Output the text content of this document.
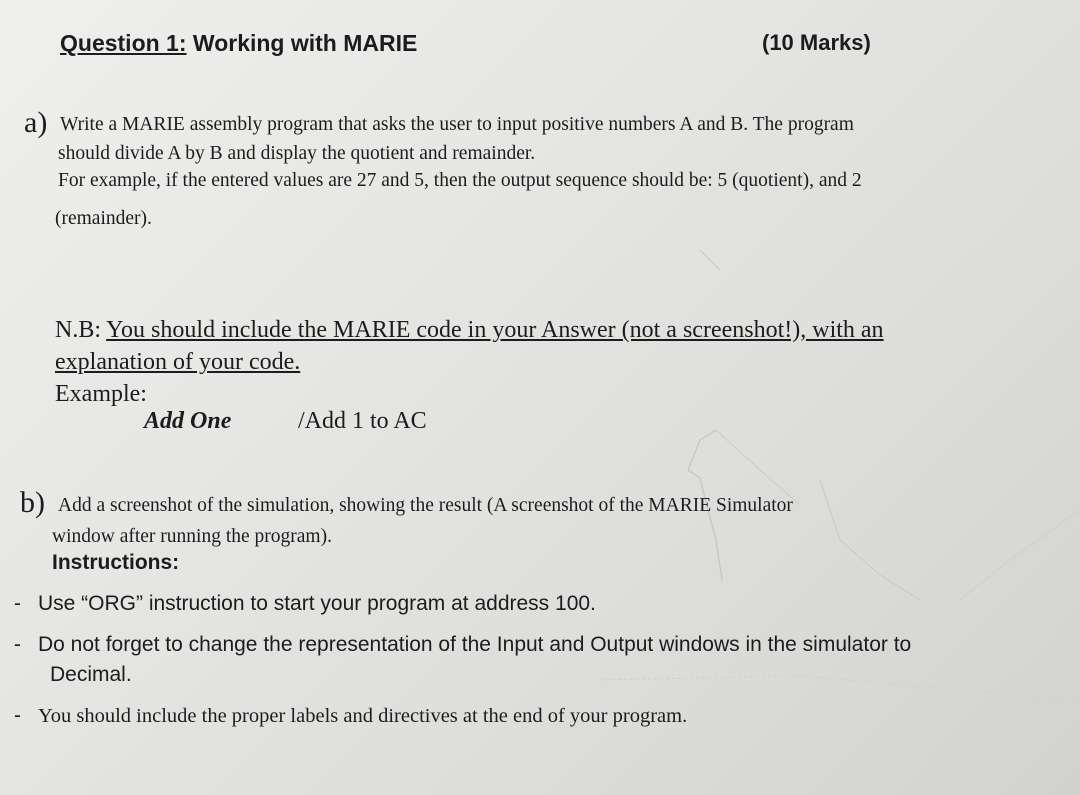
Question 1: Working with MARIE	(10 Marks)
a) Write a MARIE assembly program that asks the user to input positive numbers A and B. The program
should divide A by B and display the quotient and remainder.
For example, if the entered values are 27 and 5, then the output sequence should be: 5 (quotient), and 2
(remainder).
N.B: You should include the MARIE code in your Answer (not a screenshot!), with an
explanation of your code.
Example:
Add One	/Add 1 to AC
b) Add a screenshot of the simulation, showing the result (A screenshot of the MARIE Simulator
window after running the program).
Instructions:
- Use “ORG” instruction to start your program at address 100.
- Do not forget to change the representation of the Input and Output windows in the simulator to
Decimal.
- You should include the proper labels and directives at the end of your program.
